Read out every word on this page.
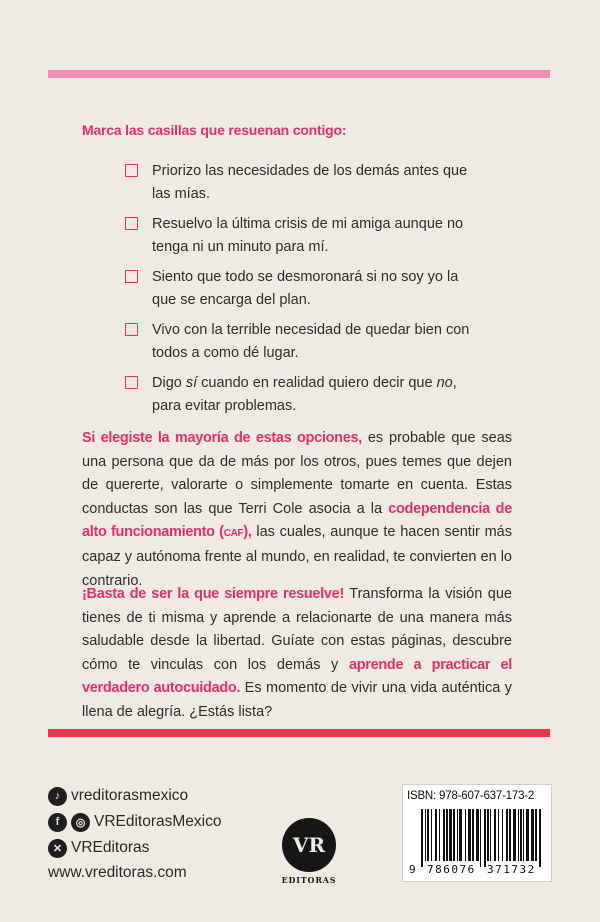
Marca las casillas que resuenan contigo:
Priorizo las necesidades de los demás antes que las mías.
Resuelvo la última crisis de mi amiga aunque no tenga ni un minuto para mí.
Siento que todo se desmoronará si no soy yo la que se encarga del plan.
Vivo con la terrible necesidad de quedar bien con todos a como dé lugar.
Digo sí cuando en realidad quiero decir que no, para evitar problemas.

Si elegiste la mayoría de estas opciones, es probable que seas una persona que da de más por los otros, pues temes que dejen de quererte, valorarte o simplemente tomarte en cuenta. Estas conductas son las que Terri Cole asocia a la codependencia de alto funcionamiento (CAF), las cuales, aunque te hacen sentir más capaz y autónoma frente al mundo, en realidad, te convierten en lo contrario.

¡Basta de ser la que siempre resuelve! Transforma la visión que tienes de ti misma y aprende a relacionarte de una manera más saludable desde la libertad. Guíate con estas páginas, descubre cómo te vinculas con los demás y aprende a practicar el verdadero autocuidado. Es momento de vivir una vida auténtica y llena de alegría. ¿Estás lista?

♪ vreditorasmexico
f	◎ VREditorasMexico
✕ VREditoras
www.vreditoras.com
VR
EDITORAS
ISBN: 978-607-637-173-2
9 786076 371732
